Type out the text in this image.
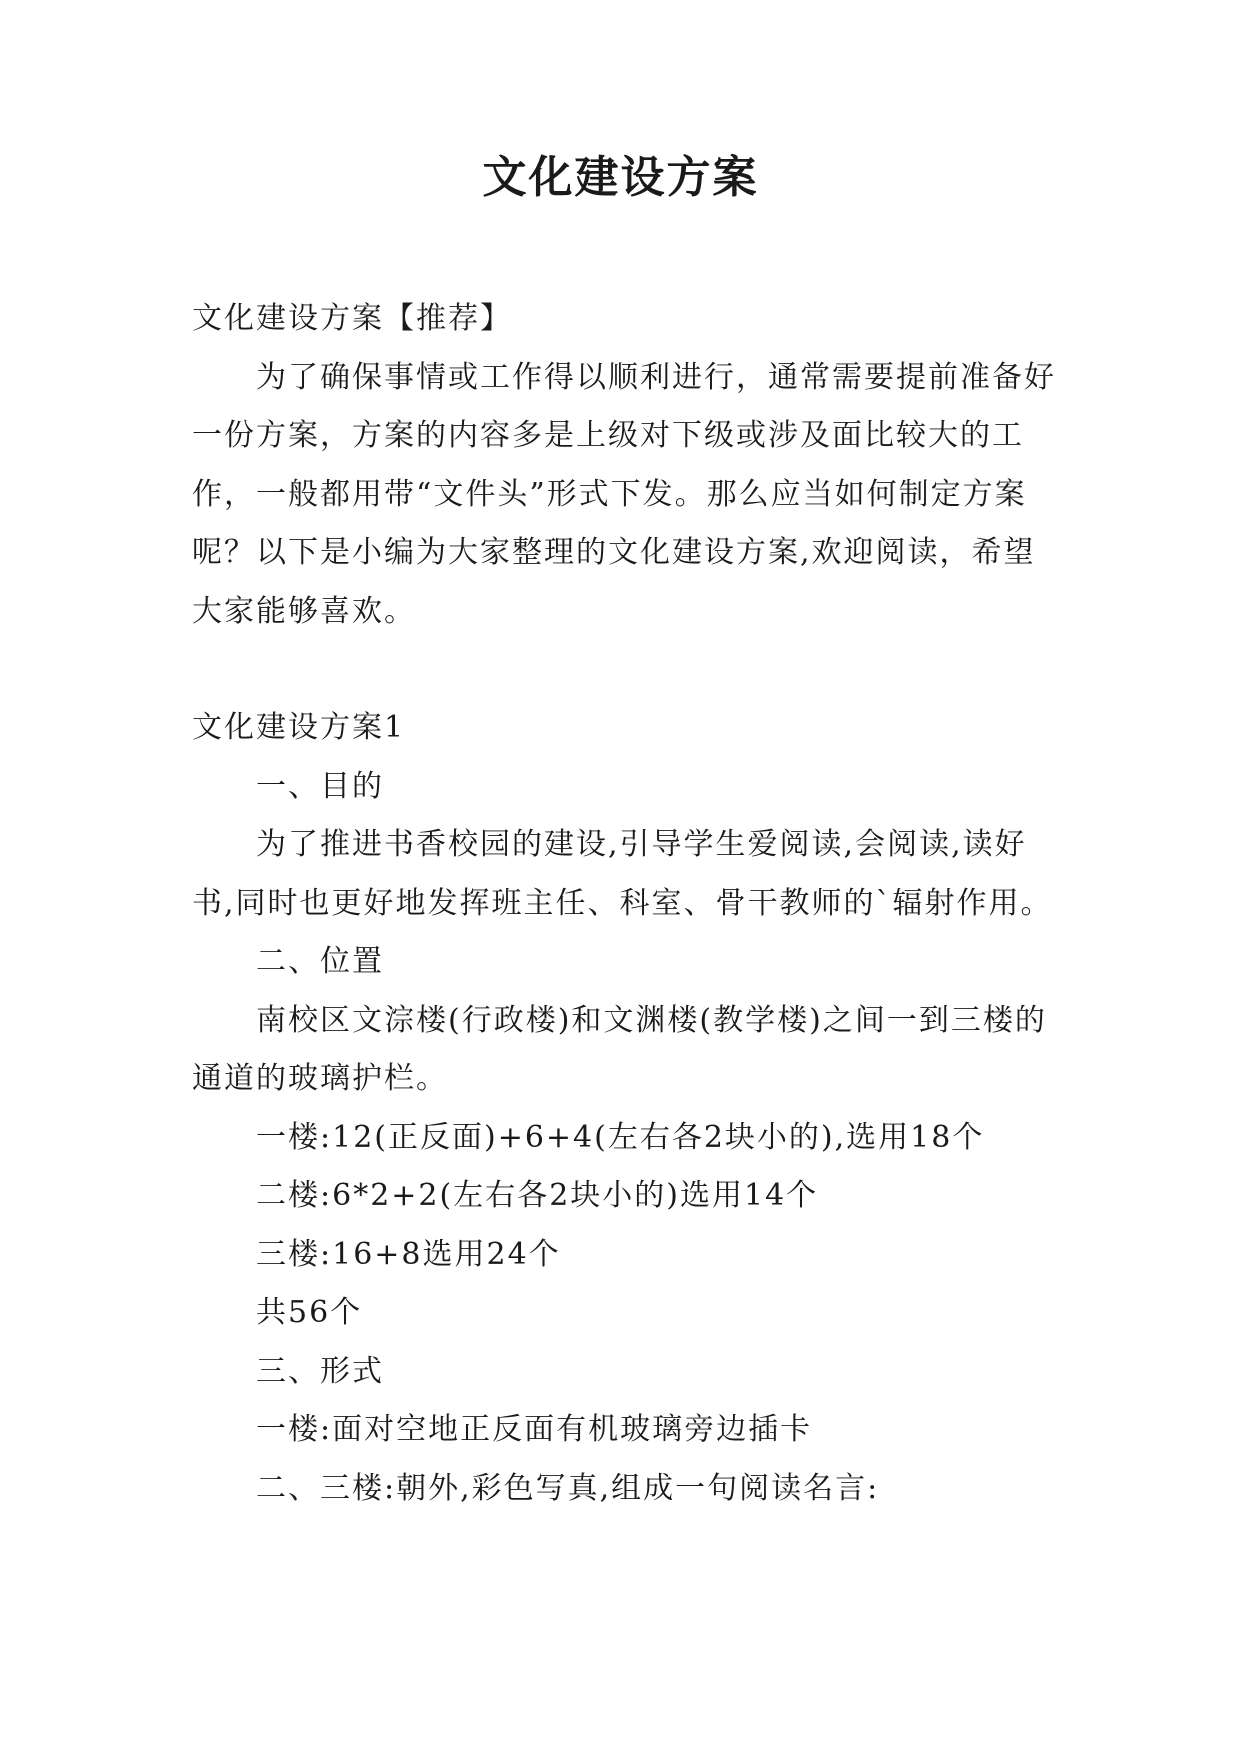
文化建设方案

文化建设方案【推荐】

为了确保事情或工作得以顺利进行，通常需要提前准备好一份方案，方案的内容多是上级对下级或涉及面比较大的工作，一般都用带“文件头”形式下发。那么应当如何制定方案呢？以下是小编为大家整理的文化建设方案,欢迎阅读，希望大家能够喜欢。

文化建设方案1

一、目的

为了推进书香校园的建设,引导学生爱阅读,会阅读,读好书,同时也更好地发挥班主任、科室、骨干教师的`辐射作用。

二、位置

南校区文淙楼(行政楼)和文渊楼(教学楼)之间一到三楼的通道的玻璃护栏。

一楼:12(正反面)+6+4(左右各2块小的),选用18个

二楼:6*2+2(左右各2块小的)选用14个

三楼:16+8选用24个

共56个

三、形式

一楼:面对空地正反面有机玻璃旁边插卡

二、三楼:朝外,彩色写真,组成一句阅读名言:
